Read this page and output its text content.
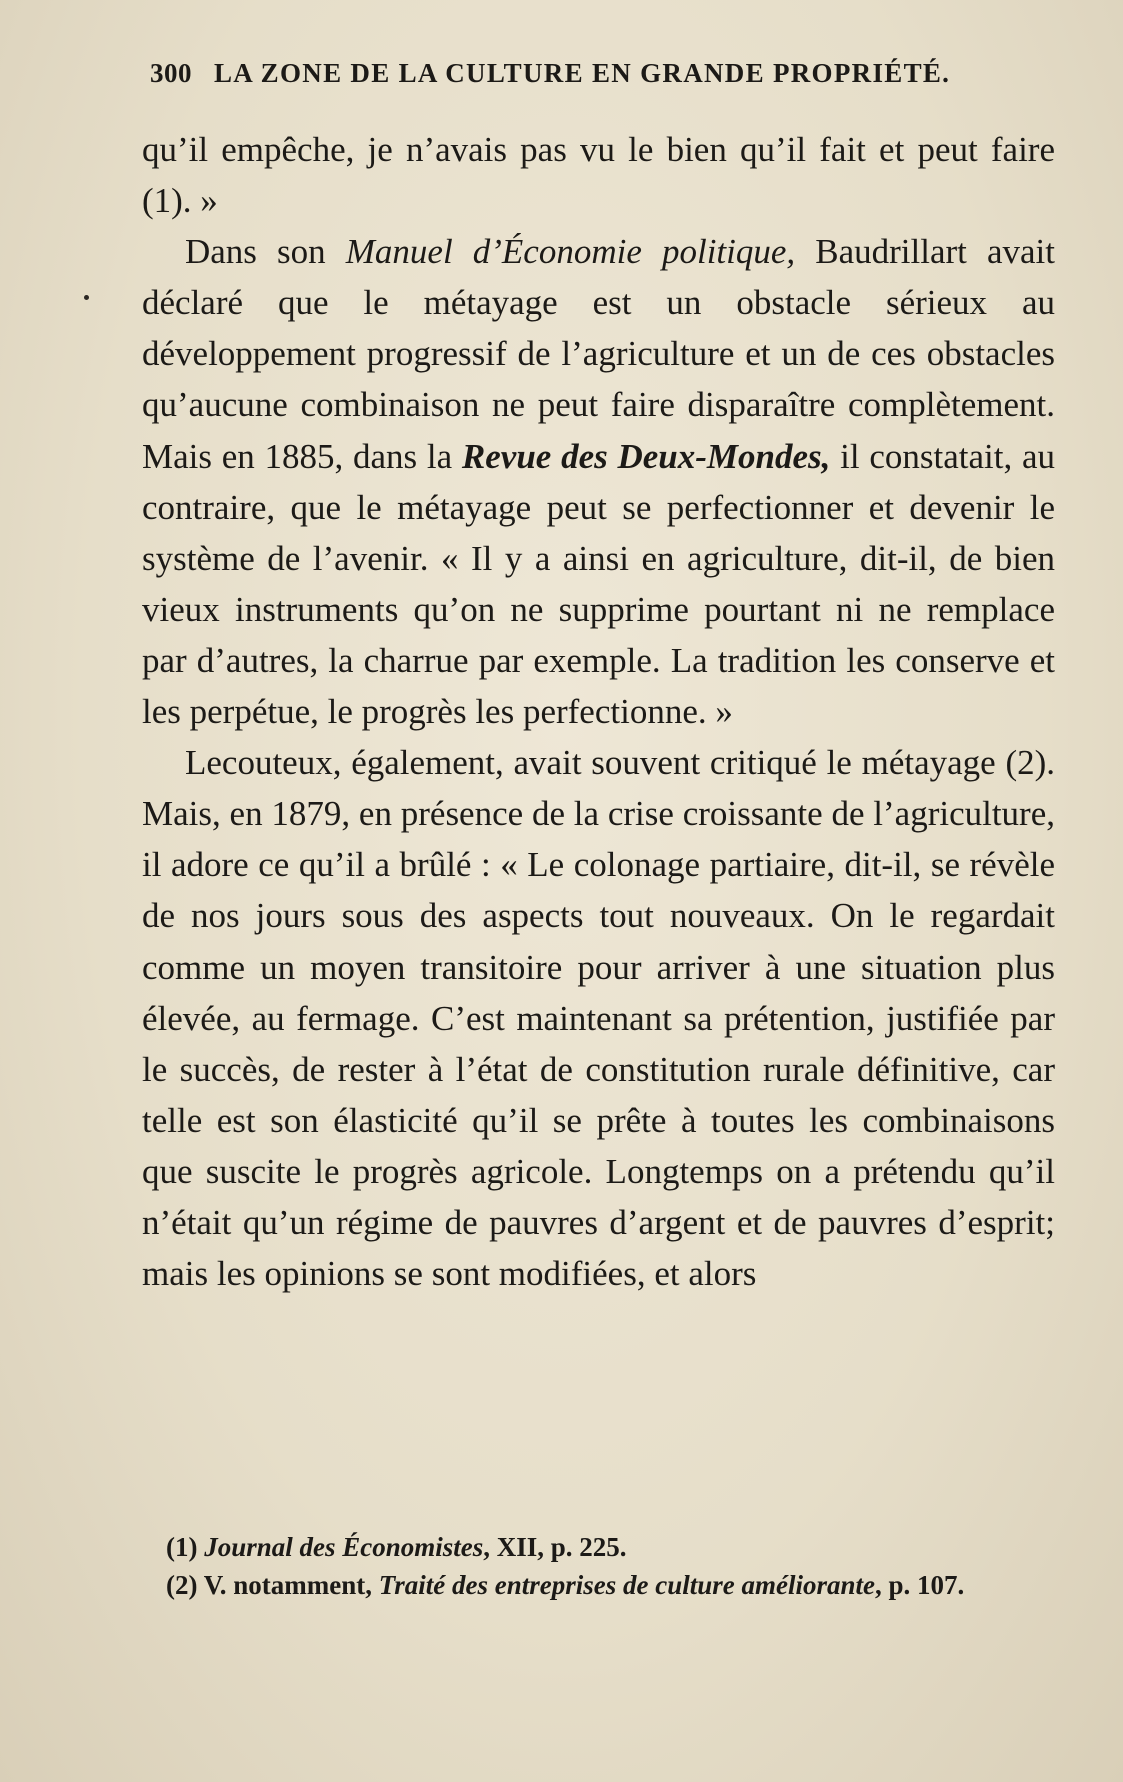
300 LA ZONE DE LA CULTURE EN GRANDE PROPRIÉTÉ.

qu’il empêche, je n’avais pas vu le bien qu’il fait et peut faire (1). »

Dans son Manuel d’Économie politique, Baudrillart avait déclaré que le métayage est un obstacle sérieux au développement progressif de l’agriculture et un de ces obstacles qu’aucune combinaison ne peut faire disparaître complètement. Mais en 1885, dans la Revue des Deux-Mondes, il constatait, au contraire, que le métayage peut se perfectionner et devenir le système de l’avenir. « Il y a ainsi en agriculture, dit-il, de bien vieux instruments qu’on ne supprime pourtant ni ne remplace par d’autres, la charrue par exemple. La tradition les conserve et les perpétue, le progrès les perfectionne. »

Lecouteux, également, avait souvent critiqué le métayage (2). Mais, en 1879, en présence de la crise croissante de l’agriculture, il adore ce qu’il a brûlé : « Le colonage partiaire, dit-il, se révèle de nos jours sous des aspects tout nouveaux. On le regardait comme un moyen transitoire pour arriver à une situation plus élevée, au fermage. C’est maintenant sa prétention, justifiée par le succès, de rester à l’état de constitution rurale définitive, car telle est son élasticité qu’il se prête à toutes les combinaisons que suscite le progrès agricole. Longtemps on a prétendu qu’il n’était qu’un régime de pauvres d’argent et de pauvres d’esprit; mais les opinions se sont modifiées, et alors

(1) Journal des Économistes, XII, p. 225.

(2) V. notamment, Traité des entreprises de culture améliorante, p. 107.
